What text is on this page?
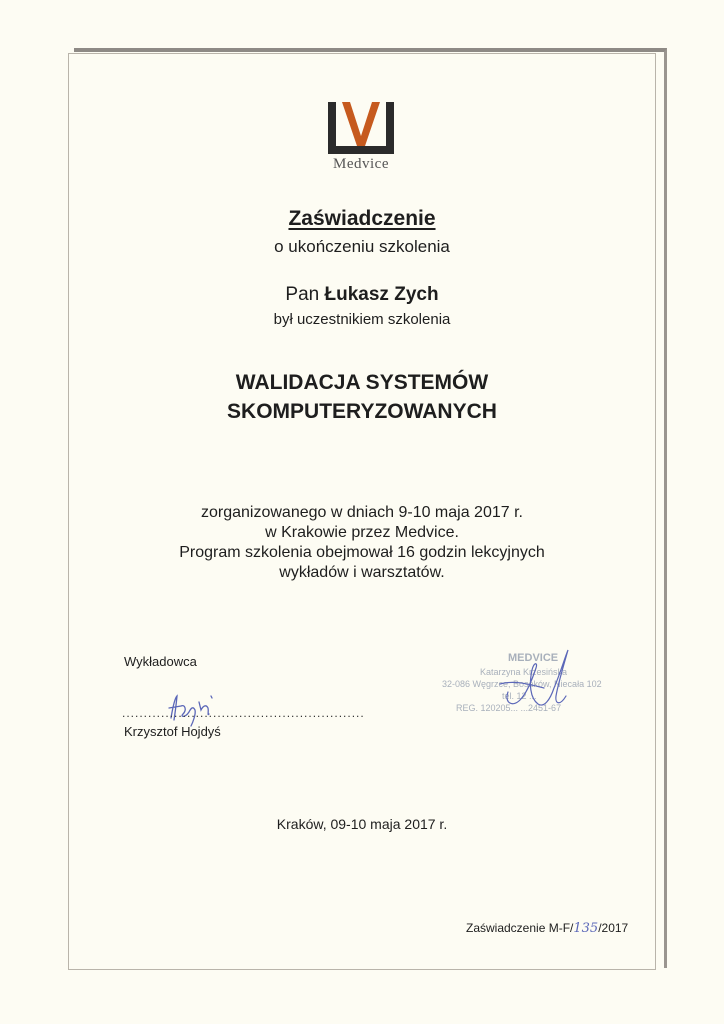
Medvice
Zaświadczenie
o ukończeniu szkolenia
Pan Łukasz Zych
był uczestnikiem szkolenia
WALIDACJA SYSTEMÓW
SKOMPUTERYZOWANYCH
zorganizowanego w dniach 9-10 maja 2017 r.
w Krakowie przez Medvice.
Program szkolenia obejmował 16 godzin lekcyjnych
wykładów i warsztatów.
Wykładowca
........................................................
Krzysztof Hojdyś
MEDVICE
Katarzyna Krzesińska
32-086 Węgrzce, Bosaków, Niecała 102
tel. 12 ...
REG. 120205... ...2451-67
Kraków, 09-10 maja 2017 r.
Zaświadczenie M-F/135/2017
